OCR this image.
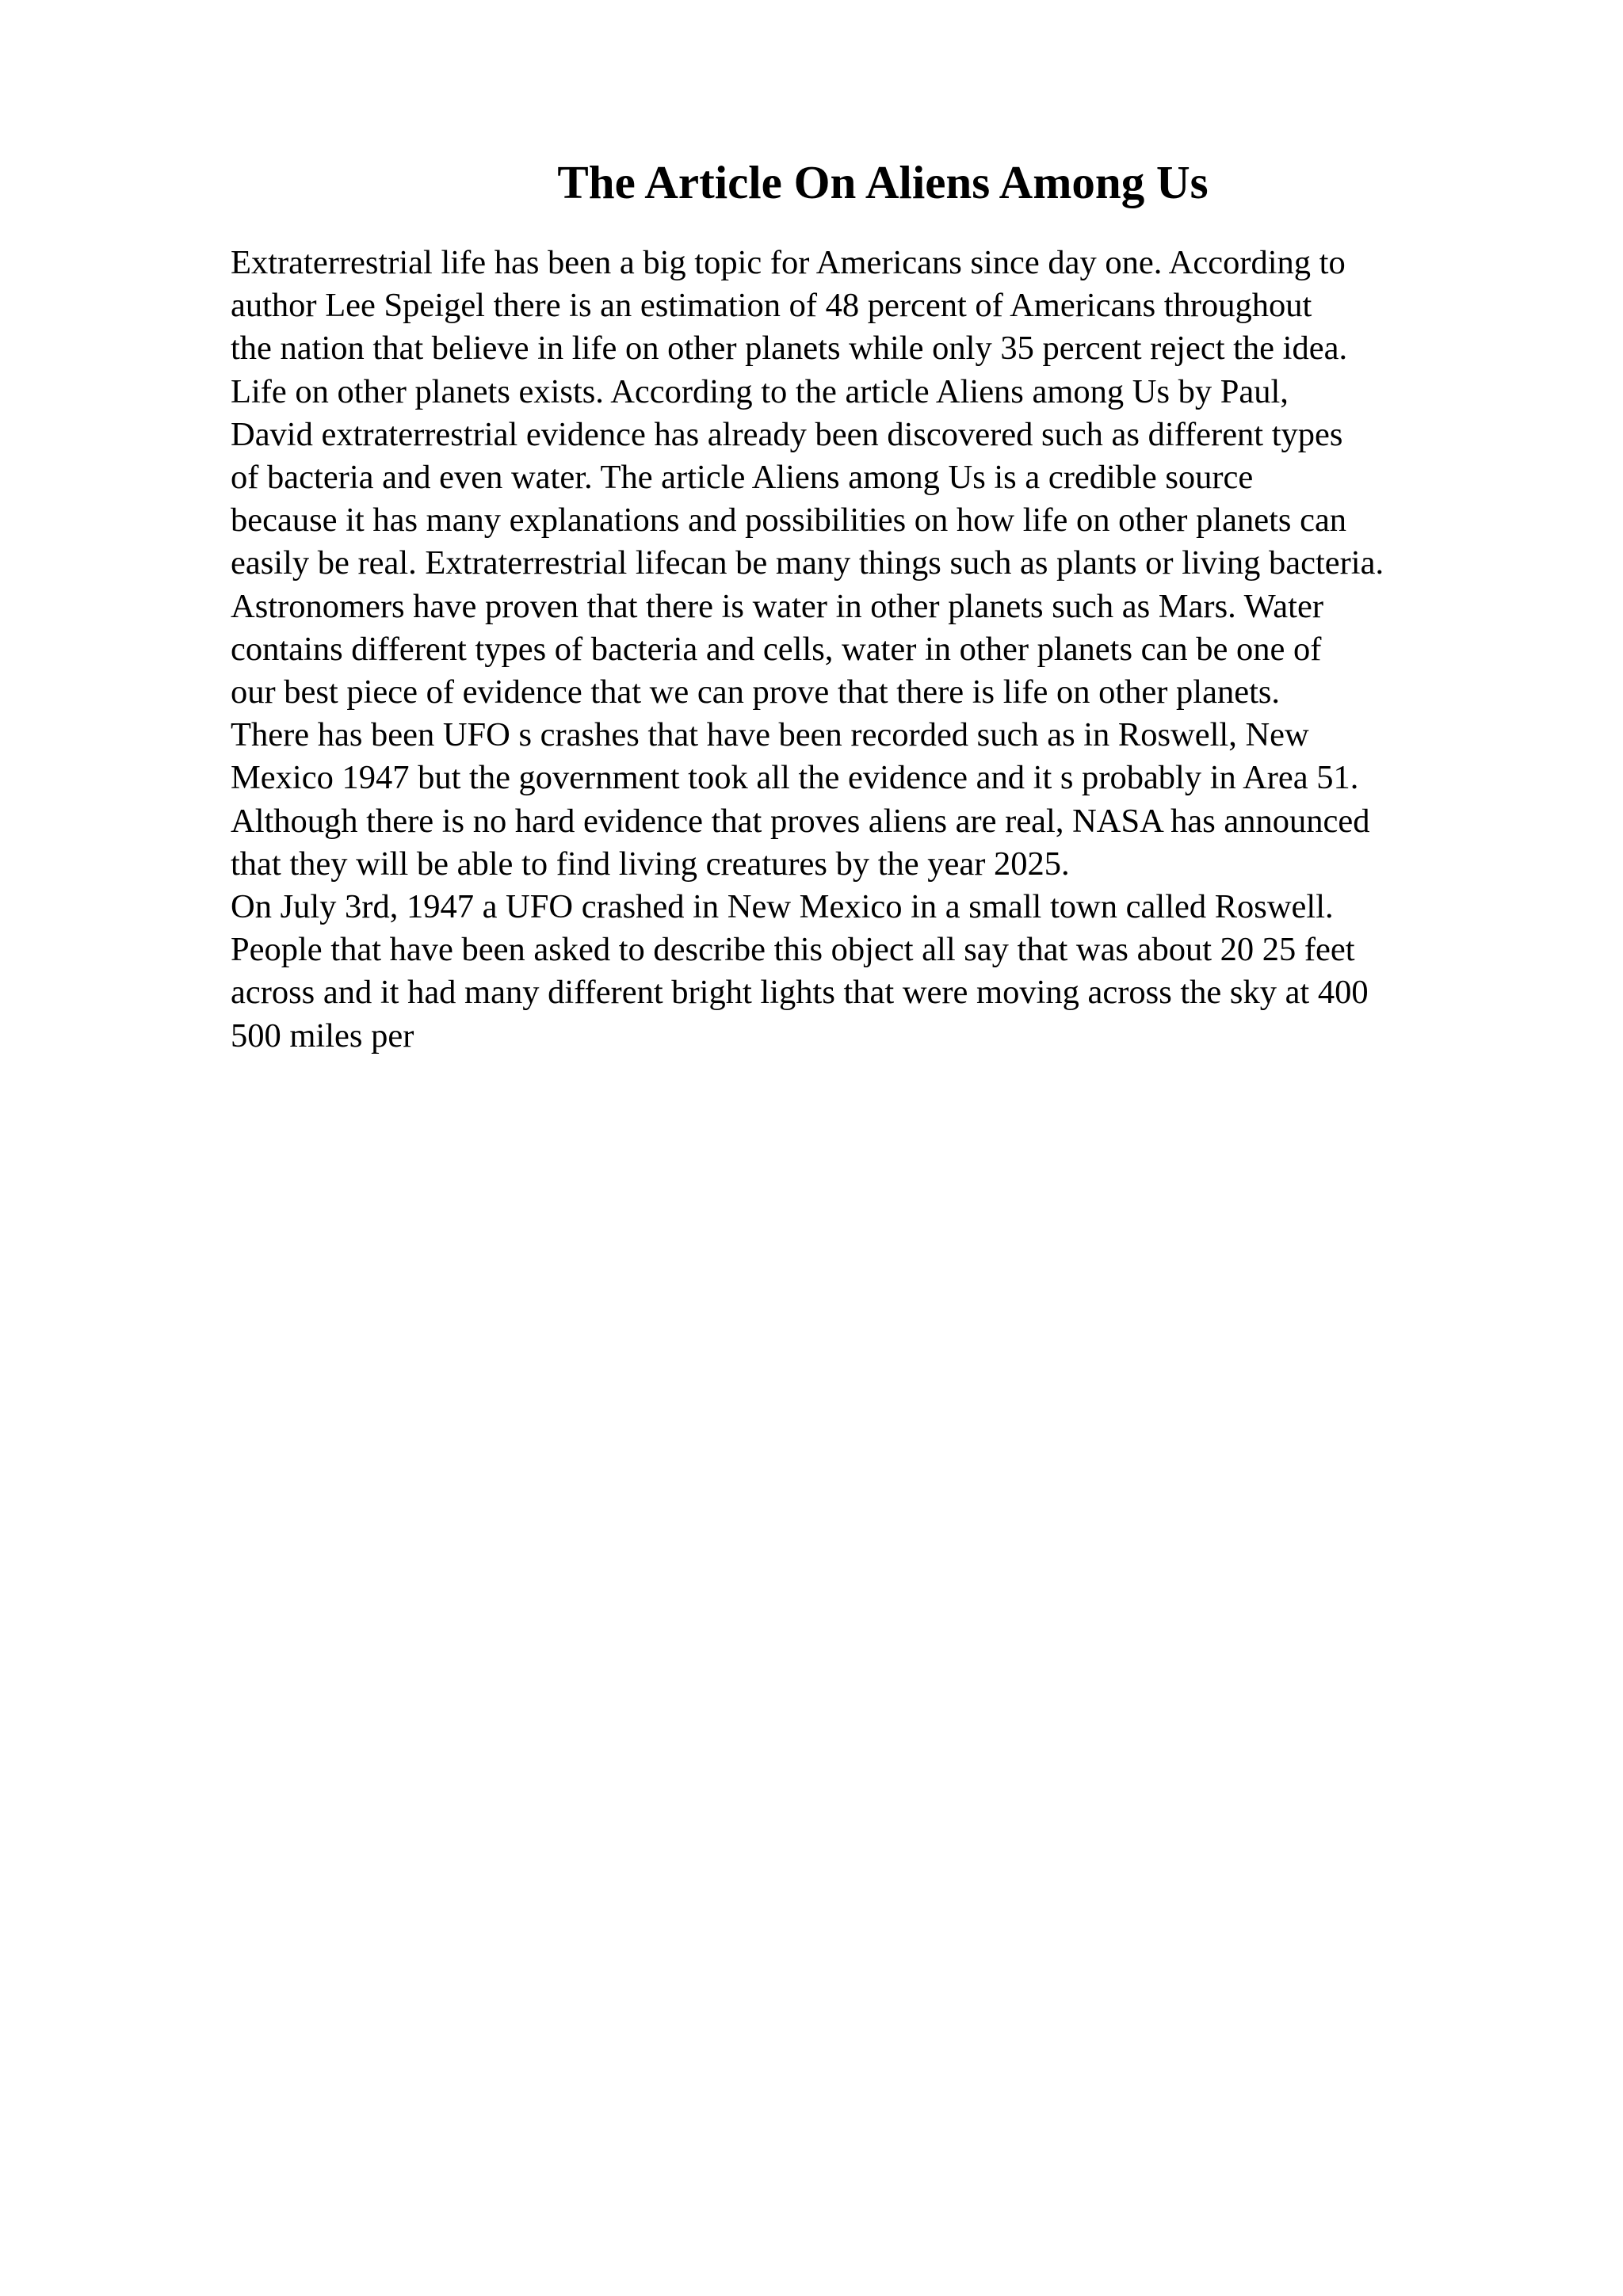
The Article On Aliens Among Us
Extraterrestrial life has been a big topic for Americans since day one. According to
author Lee Speigel there is an estimation of 48 percent of Americans throughout
the nation that believe in life on other planets while only 35 percent reject the idea.
Life on other planets exists. According to the article Aliens among Us by Paul,
David extraterrestrial evidence has already been discovered such as different types
of bacteria and even water. The article Aliens among Us is a credible source
because it has many explanations and possibilities on how life on other planets can
easily be real. Extraterrestrial lifecan be many things such as plants or living bacteria.
Astronomers have proven that there is water in other planets such as Mars. Water
contains different types of bacteria and cells, water in other planets can be one of
our best piece of evidence that we can prove that there is life on other planets.
There has been UFO s crashes that have been recorded such as in Roswell, New
Mexico 1947 but the government took all the evidence and it s probably in Area 51.
Although there is no hard evidence that proves aliens are real, NASA has announced
that they will be able to find living creatures by the year 2025.
On July 3rd, 1947 a UFO crashed in New Mexico in a small town called Roswell.
People that have been asked to describe this object all say that was about 20 25 feet
across and it had many different bright lights that were moving across the sky at 400
500 miles per
